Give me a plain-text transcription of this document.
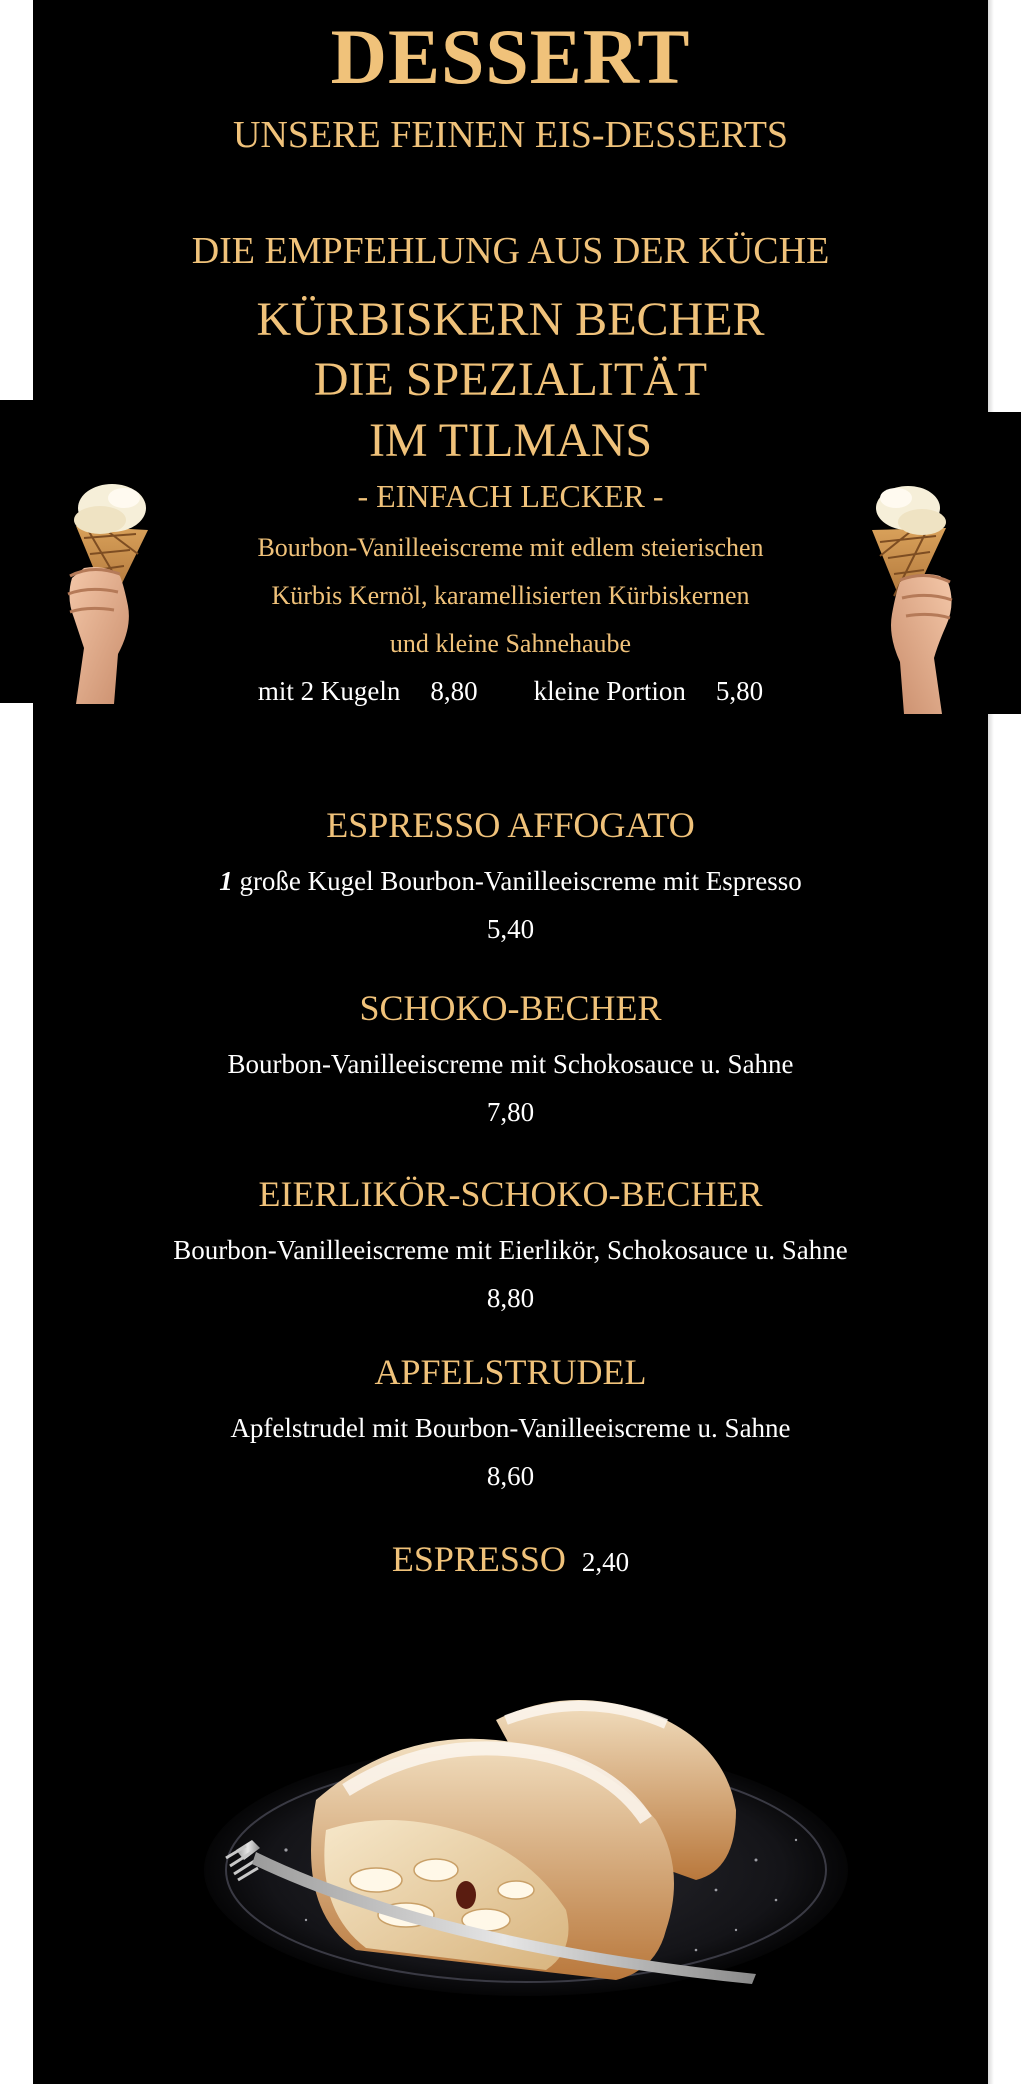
DESSERT
UNSERE FEINEN EIS-DESSERTS
DIE EMPFEHLUNG AUS DER KÜCHE
KÜRBISKERN BECHER
DIE SPEZIALITÄT
IM TILMANS
- EINFACH LECKER -
Bourbon-Vanilleeiscreme mit edlem steierischen
Kürbis Kernöl, karamellisierten Kürbiskernen
und kleine Sahnehaube
mit 2 Kugeln 8,80 kleine Portion 5,80
ESPRESSO AFFOGATO
1 große Kugel Bourbon-Vanilleeiscreme mit Espresso
5,40
SCHOKO-BECHER
Bourbon-Vanilleeiscreme mit Schokosauce u. Sahne
7,80
EIERLIKÖR-SCHOKO-BECHER
Bourbon-Vanilleeiscreme mit Eierlikör, Schokosauce u. Sahne
8,80
APFELSTRUDEL
Apfelstrudel mit Bourbon-Vanilleeiscreme u. Sahne
8,60
ESPRESSO 2,40
